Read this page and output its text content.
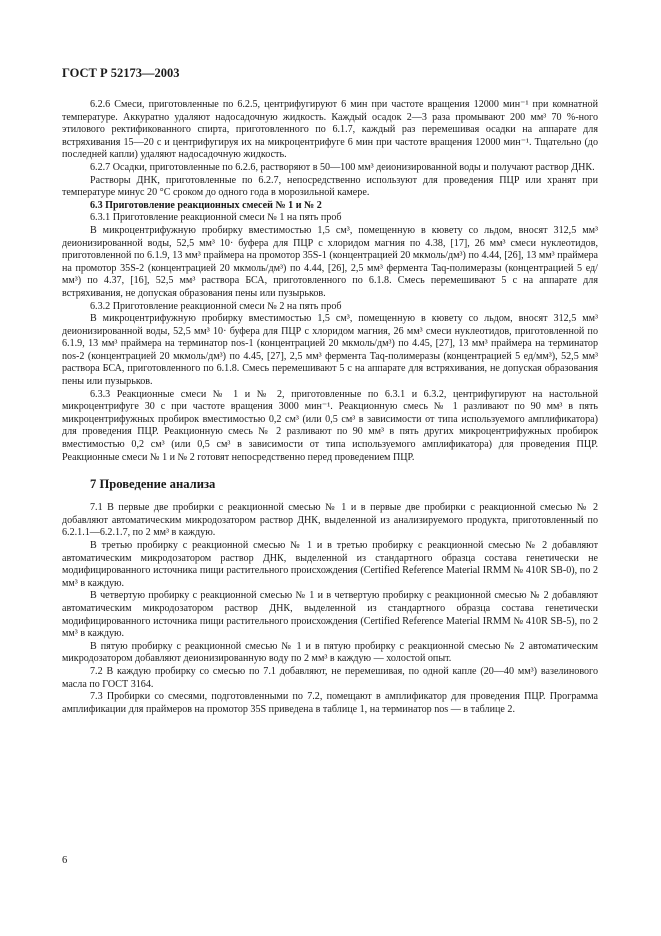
ГОСТ Р 52173—2003

6.2.6 Смеси, приготовленные по 6.2.5, центрифугируют 6 мин при частоте вращения 12000 мин⁻¹ при комнатной температуре. Аккуратно удаляют надосадочную жидкость. Каждый осадок 2—3 раза промывают 200 мм³ 70 %-ного этилового ректификованного спирта, приготовленного по 6.1.7, каждый раз перемешивая осадки на аппарате для встряхивания 15—20 с и центрифугируя их на микроцентрифуге 6 мин при частоте вращения 12000 мин⁻¹. Тщательно (до последней капли) удаляют надосадочную жидкость.

6.2.7 Осадки, приготовленные по 6.2.6, растворяют в 50—100 мм³ деионизированной воды и получают раствор ДНК.

Растворы ДНК, приготовленные по 6.2.7, непосредственно используют для проведения ПЦР или хранят при температуре минус 20 °С сроком до одного года в морозильной камере.

6.3 Приготовление реакционных смесей № 1 и № 2

6.3.1 Приготовление реакционной смеси № 1 на пять проб

В микроцентрифужную пробирку вместимостью 1,5 см³, помещенную в кювету со льдом, вносят 312,5 мм³ деионизированной воды, 52,5 мм³ 10· буфера для ПЦР с хлоридом магния по 4.38, [17], 26 мм³ смеси нуклеотидов, приготовленной по 6.1.9, 13 мм³ праймера на промотор 35S-1 (концентрацией 20 мкмоль/дм³) по 4.44, [26], 13 мм³ праймера на промотор 35S-2 (концентрацией 20 мкмоль/дм³) по 4.44, [26], 2,5 мм³ фермента Taq-полимеразы (концентрацией 5 ед/мм³) по 4.37, [16], 52,5 мм³ раствора БСА, приготовленного по 6.1.8. Смесь перемешивают 5 с на аппарате для встряхивания, не допуская образования пены или пузырьков.

6.3.2 Приготовление реакционной смеси № 2 на пять проб

В микроцентрифужную пробирку вместимостью 1,5 см³, помещенную в кювету со льдом, вносят 312,5 мм³ деионизированной воды, 52,5 мм³ 10· буфера для ПЦР с хлоридом магния, 26 мм³ смеси нуклеотидов, приготовленной по 6.1.9, 13 мм³ праймера на терминатор nos-1 (концентрацией 20 мкмоль/дм³) по 4.45, [27], 13 мм³ праймера на терминатор nos-2 (концентрацией 20 мкмоль/дм³) по 4.45, [27], 2,5 мм³ фермента Taq-полимеразы (концентрацией 5 ед/мм³), 52,5 мм³ раствора БСА, приготовленного по 6.1.8. Смесь перемешивают 5 с на аппарате для встряхивания, не допуская образования пены или пузырьков.

6.3.3 Реакционные смеси № 1 и № 2, приготовленные по 6.3.1 и 6.3.2, центрифугируют на настольной микроцентрифуге 30 с при частоте вращения 3000 мин⁻¹. Реакционную смесь № 1 разливают по 90 мм³ в пять микроцентрифужных пробирок вместимостью 0,2 см³ (или 0,5 см³ в зависимости от типа используемого амплификатора) для проведения ПЦР. Реакционную смесь № 2 разливают по 90 мм³ в пять других микроцентрифужных пробирок вместимостью 0,2 см³ (или 0,5 см³ в зависимости от типа используемого амплификатора) для проведения ПЦР. Реакционные смеси № 1 и № 2 готовят непосредственно перед проведением ПЦР.

7 Проведение анализа

7.1 В первые две пробирки с реакционной смесью № 1 и в первые две пробирки с реакционной смесью № 2 добавляют автоматическим микродозатором раствор ДНК, выделенной из анализируемого продукта, приготовленный по 6.2.1.1—6.2.1.7, по 2 мм³ в каждую.

В третью пробирку с реакционной смесью № 1 и в третью пробирку с реакционной смесью № 2 добавляют автоматическим микродозатором раствор ДНК, выделенной из стандартного образца состава генетически не модифицированного источника пищи растительного происхождения (Certified Reference Material IRMM № 410R SB-0), по 2 мм³ в каждую.

В четвертую пробирку с реакционной смесью № 1 и в четвертую пробирку с реакционной смесью № 2 добавляют автоматическим микродозатором раствор ДНК, выделенной из стандартного образца состава генетически модифицированного источника пищи растительного происхождения (Certified Reference Material IRMM № 410R SB-5), по 2 мм³ в каждую.

В пятую пробирку с реакционной смесью № 1 и в пятую пробирку с реакционной смесью № 2 автоматическим микродозатором добавляют деионизированную воду по 2 мм³ в каждую — холостой опыт.

7.2 В каждую пробирку со смесью по 7.1 добавляют, не перемешивая, по одной капле (20—40 мм³) вазелинового масла по ГОСТ 3164.

7.3 Пробирки со смесями, подготовленными по 7.2, помещают в амплификатор для проведения ПЦР. Программа амплификации для праймеров на промотор 35S приведена в таблице 1, на терминатор nos — в таблице 2.

6
